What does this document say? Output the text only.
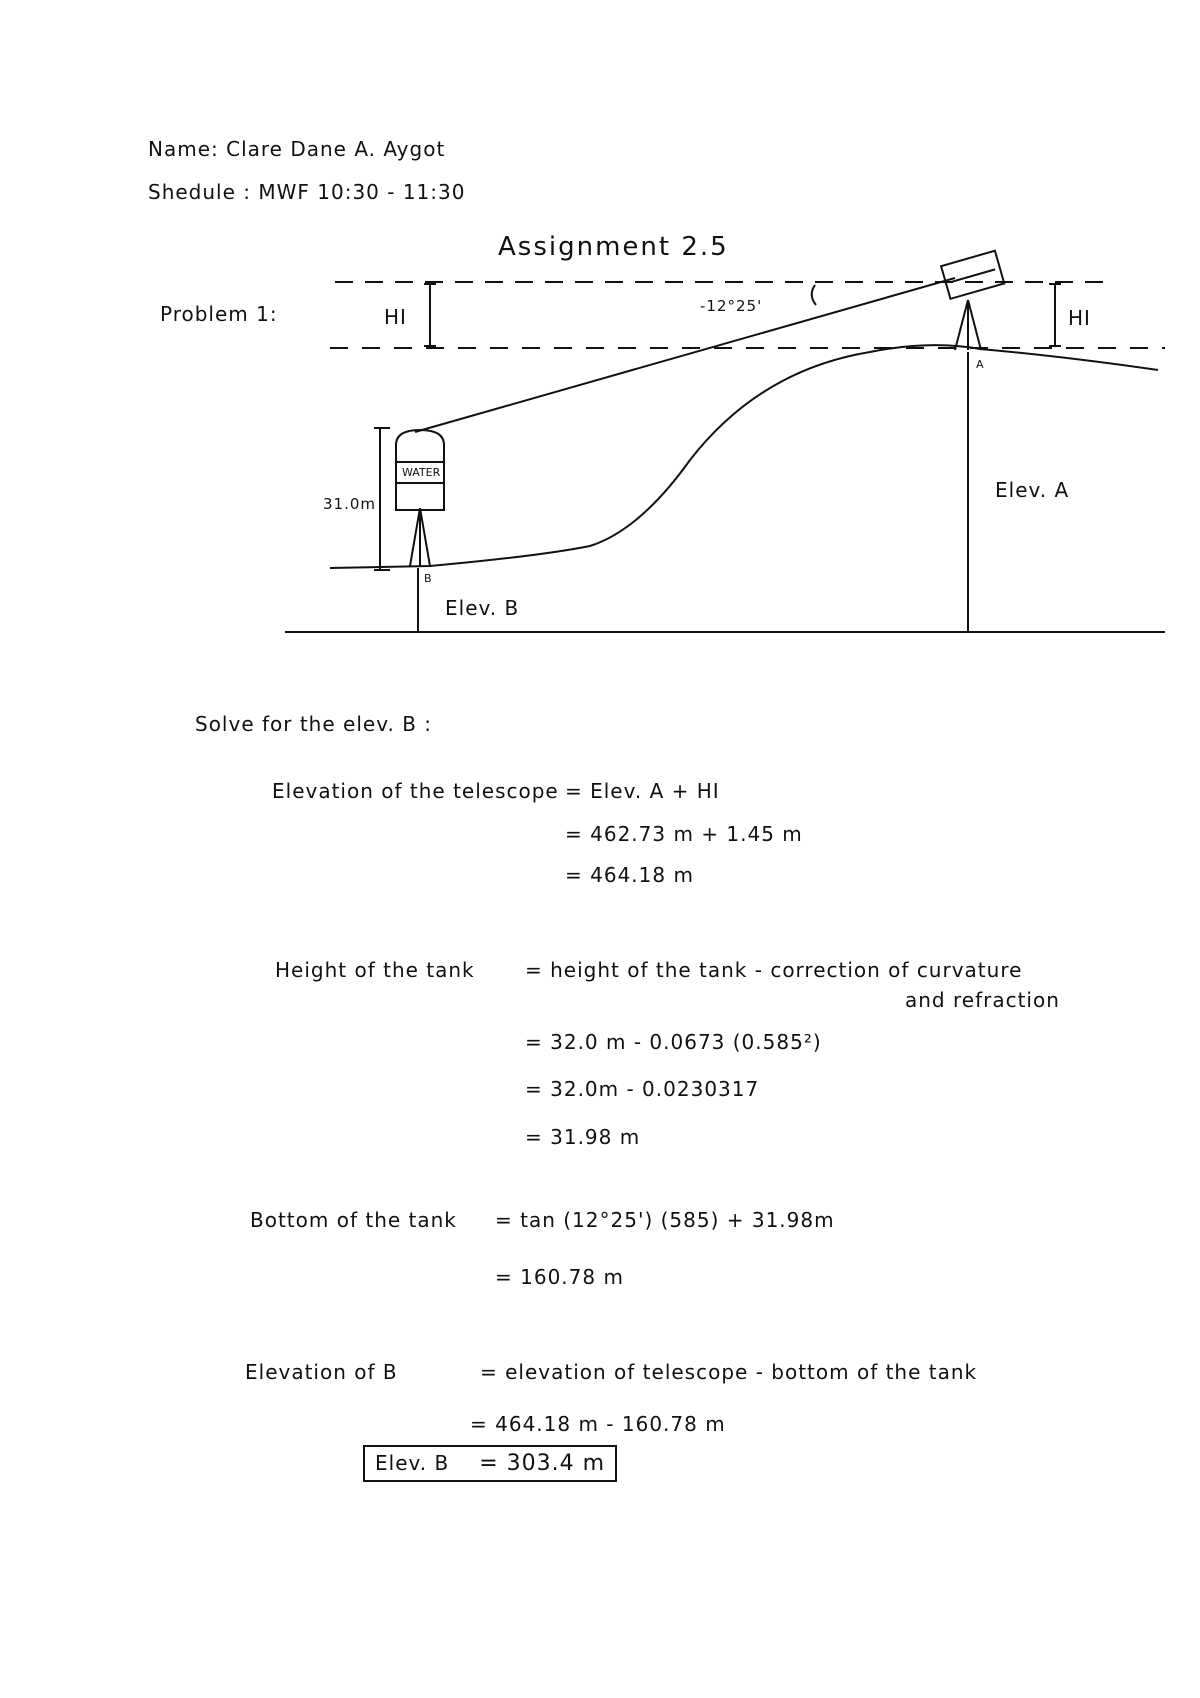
Name: Clare Dane A. Aygot
Shedule : MWF 10:30 - 11:30
Assignment 2.5
Problem 1:	HI	HI
-12°25'
A
B
Elev. A
Elev. B
WATER
31.0m
Solve for the elev. B :
Elevation of the telescope = Elev. A + HI
= 462.73 m + 1.45 m
= 464.18 m
Height of the tank	= height of the tank - correction of curvature
and refraction
= 32.0 m - 0.0673 (0.585²)
= 32.0m - 0.0230317
= 31.98 m
Bottom of the tank = tan (12°25') (585) + 31.98m
= 160.78 m
Elevation of B	= elevation of telescope - bottom of the tank
= 464.18 m - 160.78 m
Elev. B = 303.4 m
